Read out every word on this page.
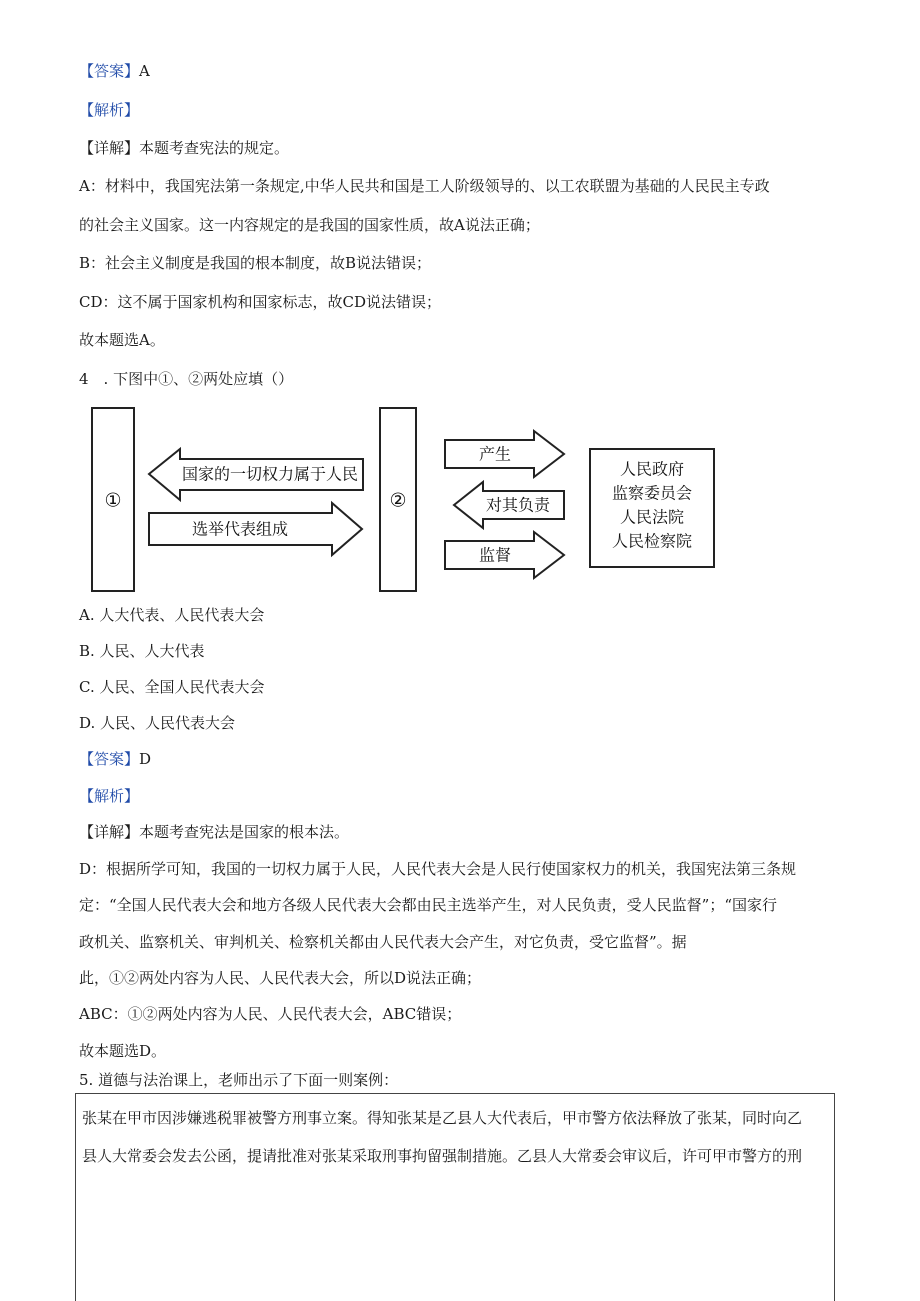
【答案】A
【解析】
【详解】本题考查宪法的规定。
A：材料中，我国宪法第一条规定,中华人民共和国是工人阶级领导的、以工农联盟为基础的人民民主专政
的社会主义国家。这一内容规定的是我国的国家性质，故A说法正确；
B：社会主义制度是我国的根本制度，故B说法错误；
CD：这不属于国家机构和国家标志，故CD说法错误；
故本题选A。
4　. 下图中①、②两处应填（）
①
国家的一切权力属于人民
选举代表组成
②
产生
对其负责
监督
人民政府
监察委员会
人民法院
人民检察院
A. 人大代表、人民代表大会
B. 人民、人大代表
C. 人民、全国人民代表大会
D. 人民、人民代表大会
【答案】D
【解析】
【详解】本题考查宪法是国家的根本法。
D：根据所学可知，我国的一切权力属于人民，人民代表大会是人民行使国家权力的机关，我国宪法第三条规
定：“全国人民代表大会和地方各级人民代表大会都由民主选举产生，对人民负责，受人民监督”；“国家行
政机关、监察机关、审判机关、检察机关都由人民代表大会产生，对它负责，受它监督”。据
此，①②两处内容为人民、人民代表大会，所以D说法正确；
ABC：①②两处内容为人民、人民代表大会，ABC错误；
故本题选D。
5. 道德与法治课上，老师出示了下面一则案例：
张某在甲市因涉嫌逃税罪被警方刑事立案。得知张某是乙县人大代表后，甲市警方依法释放了张某，同时向乙
县人大常委会发去公函，提请批准对张某采取刑事拘留强制措施。乙县人大常委会审议后，许可甲市警方的刑
